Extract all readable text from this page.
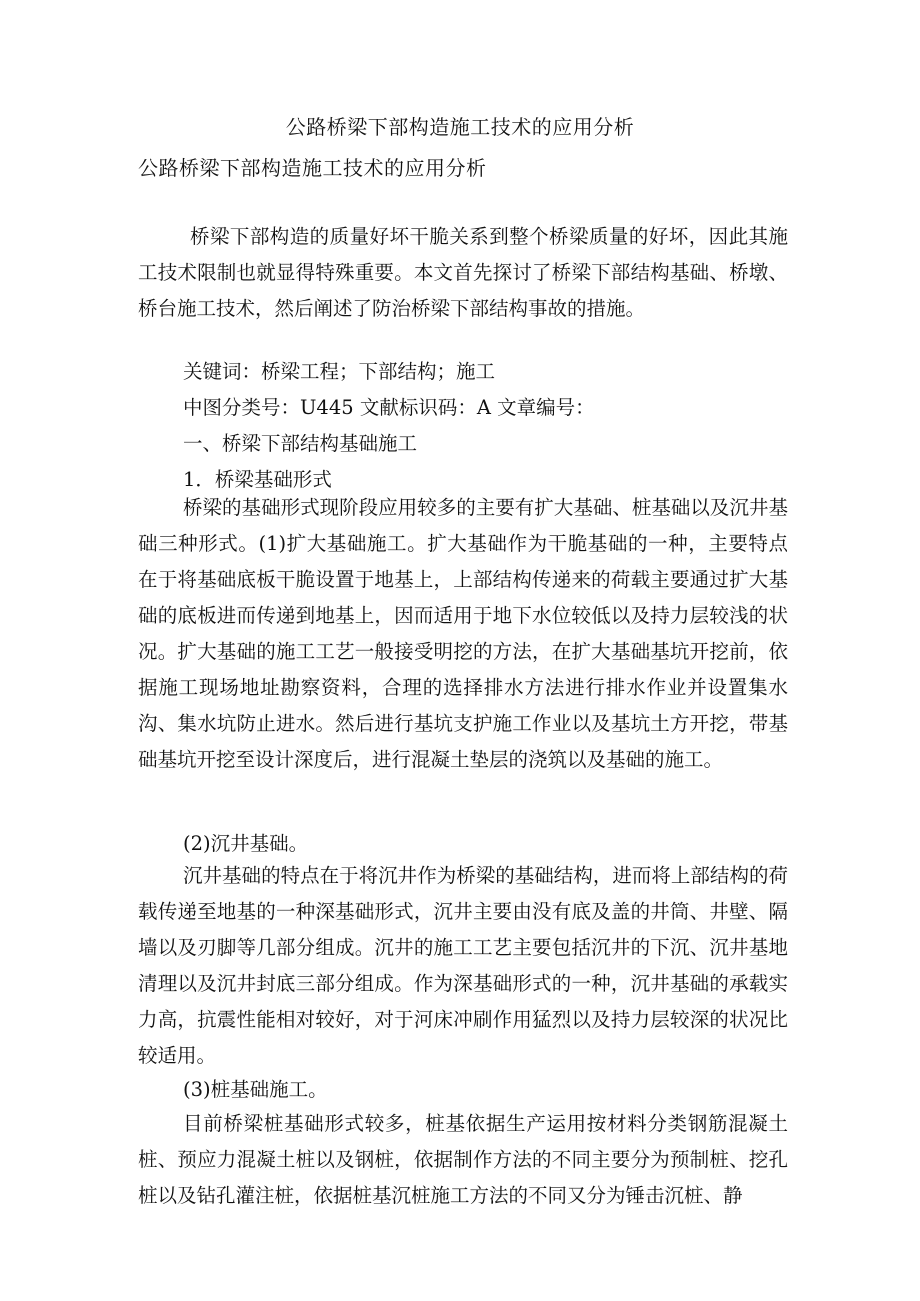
公路桥梁下部构造施工技术的应用分析
公路桥梁下部构造施工技术的应用分析
桥梁下部构造的质量好坏干脆关系到整个桥梁质量的好坏，因此其施工技术限制也就显得特殊重要。本文首先探讨了桥梁下部结构基础、桥墩、桥台施工技术，然后阐述了防治桥梁下部结构事故的措施。
关键词：桥梁工程；下部结构；施工
中图分类号：U445 文献标识码：A 文章编号：
一、桥梁下部结构基础施工
1．桥梁基础形式
桥梁的基础形式现阶段应用较多的主要有扩大基础、桩基础以及沉井基础三种形式。(1)扩大基础施工。扩大基础作为干脆基础的一种，主要特点在于将基础底板干脆设置于地基上，上部结构传递来的荷载主要通过扩大基础的底板进而传递到地基上，因而适用于地下水位较低以及持力层较浅的状况。扩大基础的施工工艺一般接受明挖的方法，在扩大基础基坑开挖前，依据施工现场地址勘察资料，合理的选择排水方法进行排水作业并设置集水沟、集水坑防止进水。然后进行基坑支护施工作业以及基坑土方开挖，带基础基坑开挖至设计深度后，进行混凝土垫层的浇筑以及基础的施工。
(2)沉井基础。
沉井基础的特点在于将沉井作为桥梁的基础结构，进而将上部结构的荷载传递至地基的一种深基础形式，沉井主要由没有底及盖的井筒、井壁、隔墙以及刃脚等几部分组成。沉井的施工工艺主要包括沉井的下沉、沉井基地清理以及沉井封底三部分组成。作为深基础形式的一种，沉井基础的承载实力高，抗震性能相对较好，对于河床冲刷作用猛烈以及持力层较深的状况比较适用。
(3)桩基础施工。
目前桥梁桩基础形式较多，桩基依据生产运用按材料分类钢筋混凝土桩、预应力混凝土桩以及钢桩，依据制作方法的不同主要分为预制桩、挖孔桩以及钻孔灌注桩，依据桩基沉桩施工方法的不同又分为锤击沉桩、静
